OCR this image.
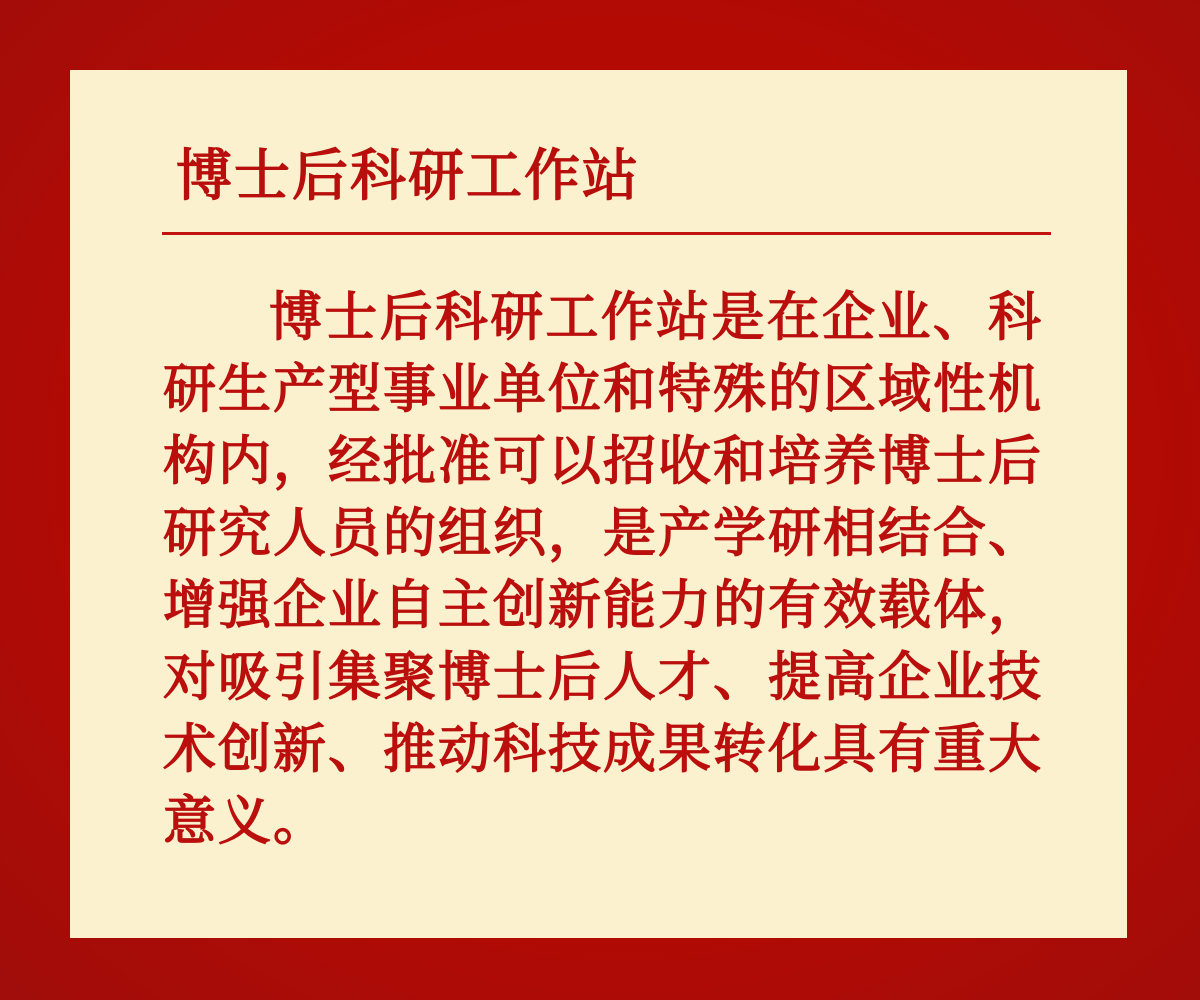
博士后科研工作站
博士后科研工作站是在企业、科
研生产型事业单位和特殊的区域性机
构内，经批准可以招收和培养博士后
研究人员的组织，是产学研相结合、
增强企业自主创新能力的有效载体，
对吸引集聚博士后人才、提高企业技
术创新、推动科技成果转化具有重大
意义。
